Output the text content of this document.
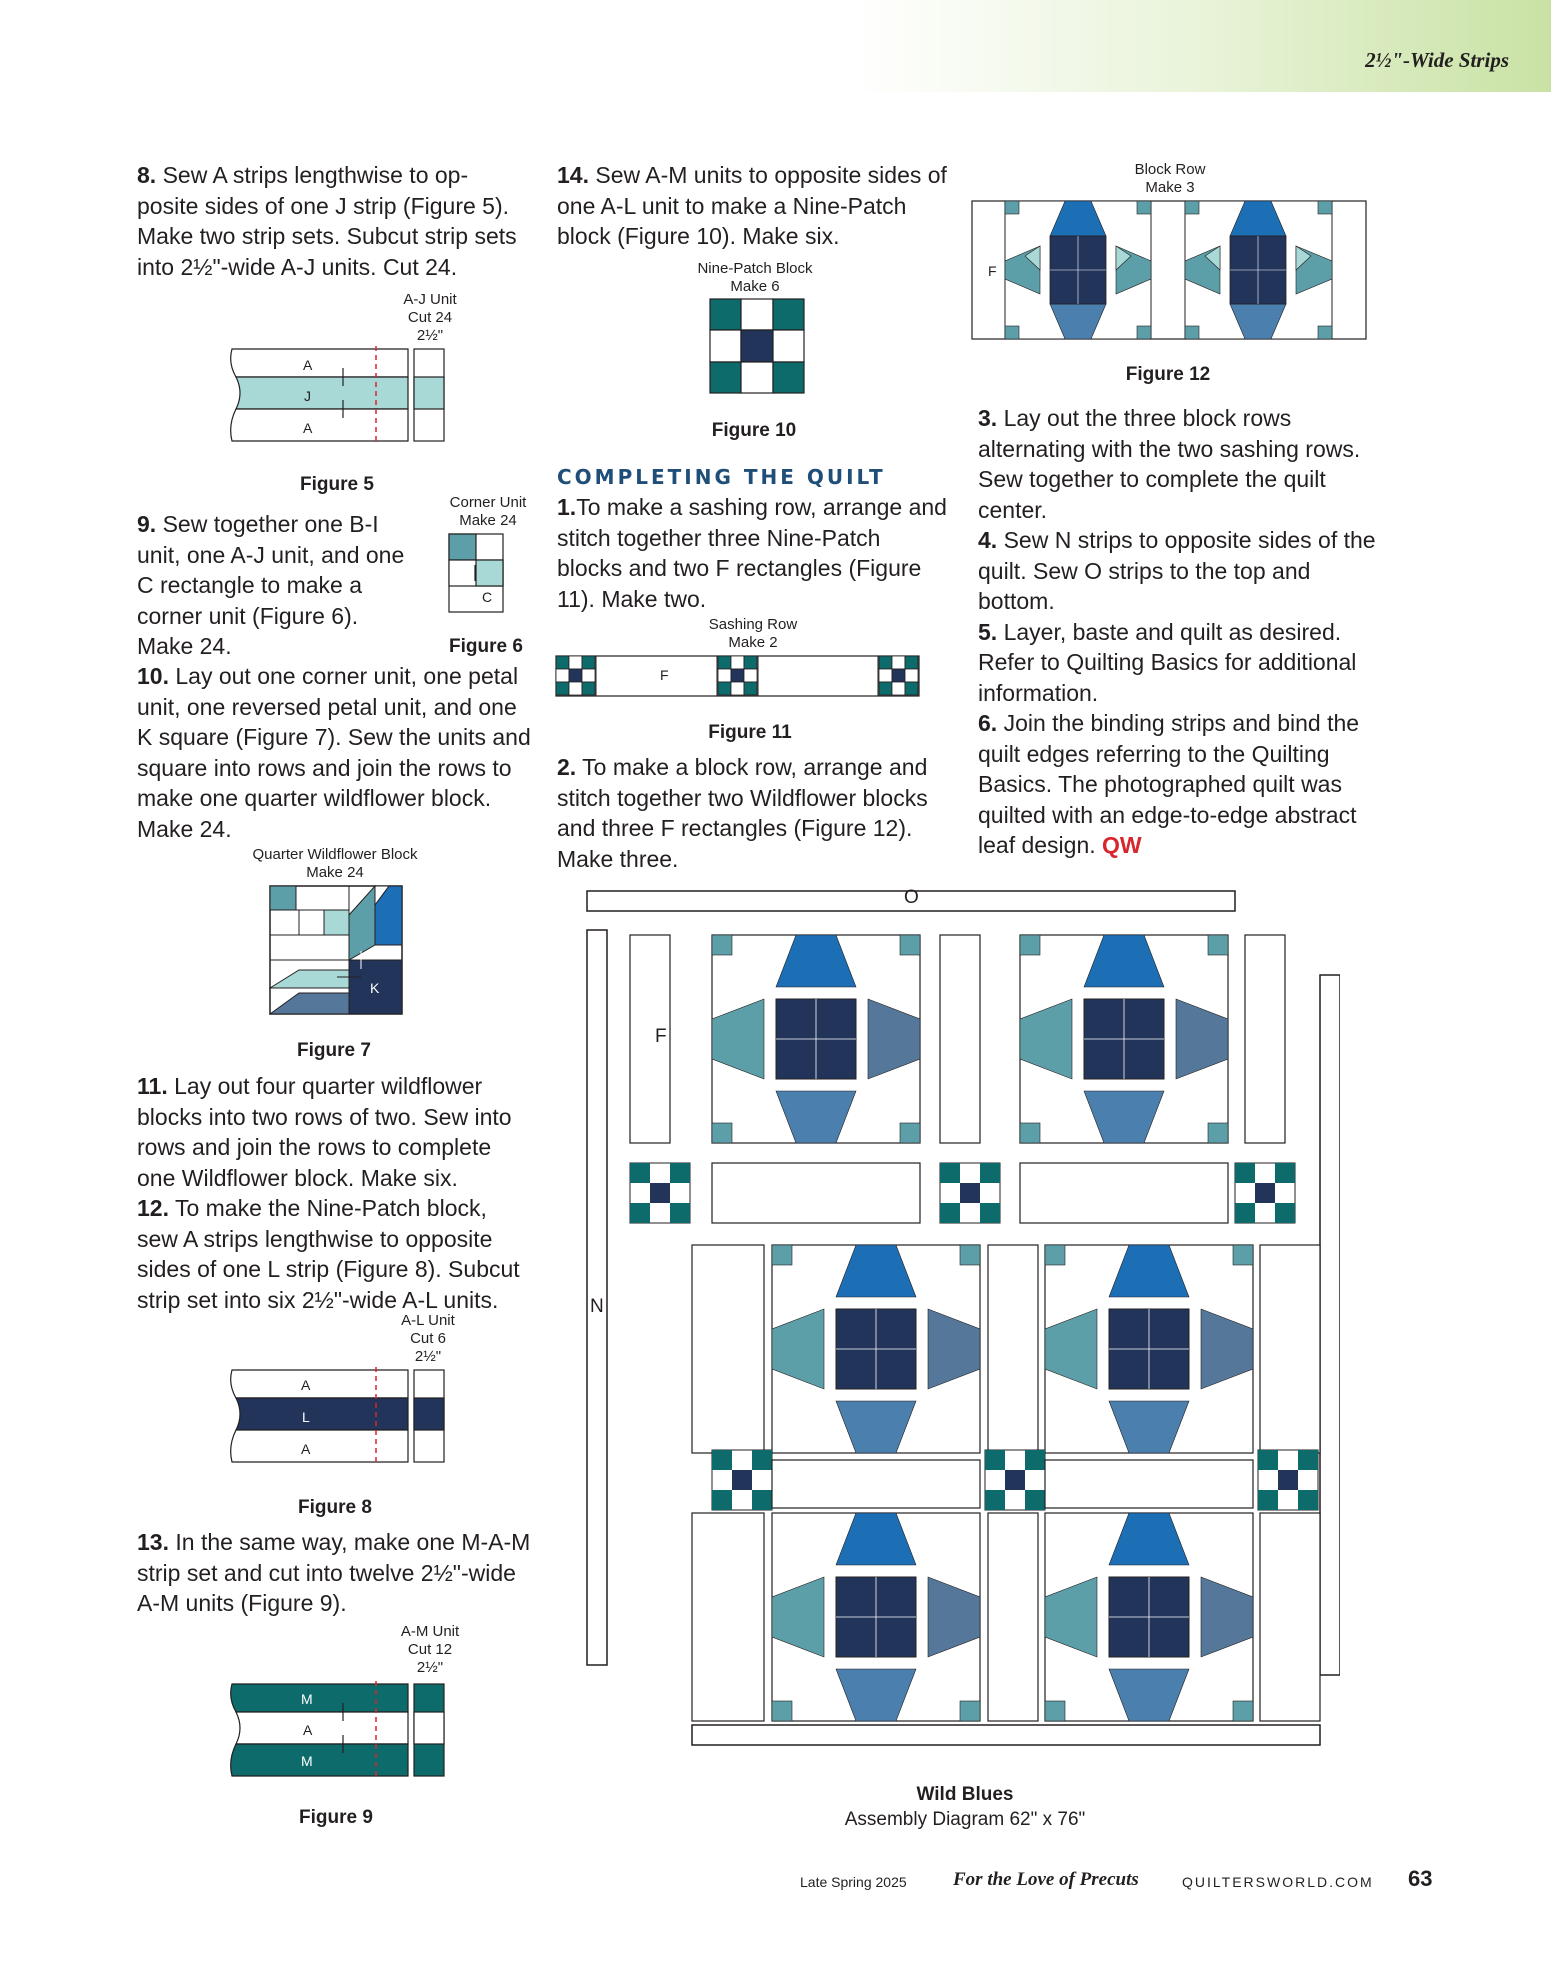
2½"-Wide Strips

8. Sew A strips lengthwise to op-posite sides of one J strip (Figure 5). Make two strip sets. Subcut strip sets into 2½"-wide A-J units. Cut 24.

A-J Unit
Cut 24
2½"
A
J
A
Figure 5

9. Sew together one B-I unit, one A-J unit, and one C rectangle to make a corner unit (Figure 6). Make 24.

Corner Unit
Make 24
C
Figure 6

10. Lay out one corner unit, one petal unit, one reversed petal unit, and one K square (Figure 7). Sew the units and square into rows and join the rows to make one quarter wildflower block. Make 24.

Quarter Wildflower Block
Make 24
K
Figure 7

11. Lay out four quarter wildflower blocks into two rows of two. Sew into rows and join the rows to complete one Wildflower block. Make six.

12. To make the Nine-Patch block, sew A strips lengthwise to opposite sides of one L strip (Figure 8). Subcut strip set into six 2½"-wide A-L units.

A-L Unit
Cut 6
2½"
A
L
A
Figure 8

13. In the same way, make one M-A-M strip set and cut into twelve 2½"-wide A-M units (Figure 9).

A-M Unit
Cut 12
2½"
M
A
M
Figure 9

14. Sew A-M units to opposite sides of one A-L unit to make a Nine-Patch block (Figure 10). Make six.

Nine-Patch Block
Make 6
Figure 10

COMPLETING THE QUILT

1.To make a sashing row, arrange and stitch together three Nine-Patch blocks and two F rectangles (Figure 11). Make two.

Sashing Row
Make 2
F
Figure 11

2. To make a block row, arrange and stitch together two Wildflower blocks and three F rectangles (Figure 12). Make three.

Block Row
Make 3
F
Figure 12

3. Lay out the three block rows alternating with the two sashing rows. Sew together to complete the quilt center.

4. Sew N strips to opposite sides of the quilt. Sew O strips to the top and bottom.

5. Layer, baste and quilt as desired. Refer to Quilting Basics for additional information.

6. Join the binding strips and bind the quilt edges referring to the Quilting Basics. The photographed quilt was quilted with an edge-to-edge abstract leaf design. QW

O
N
F
Wild Blues
Assembly Diagram 62" x 76"
Late Spring 2025 For the Love of Precuts	QUILTERSWORLD.COM 63
